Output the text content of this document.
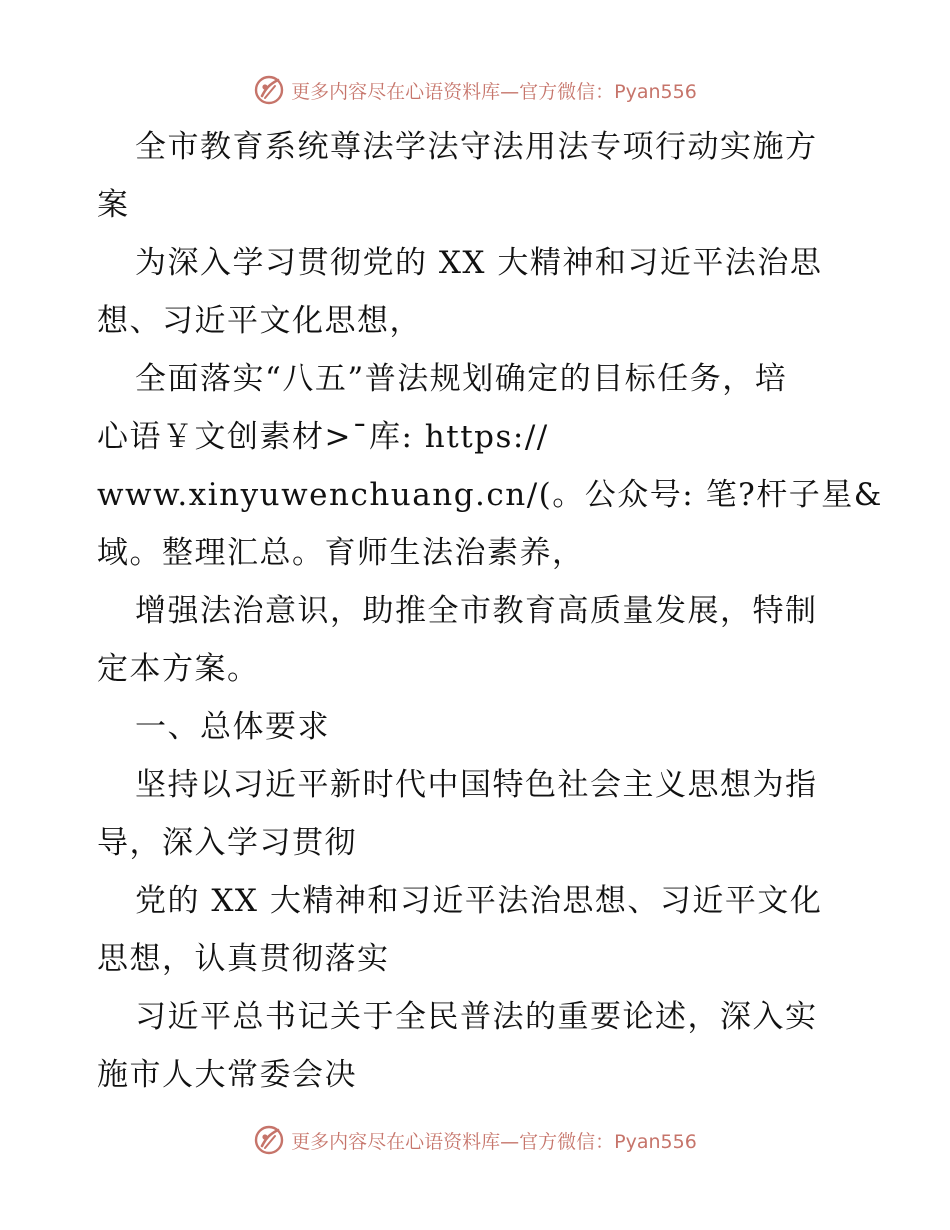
更多内容尽在心语资料库—官方微信：Pyan556
全市教育系统尊法学法守法用法专项行动实施方
案
为深入学习贯彻党的 XX 大精神和习近平法治思
想、习近平文化思想，
全面落实“八五”普法规划确定的目标任务，培
心语￥文创素材>¯库: https://
www.xinyuwenchuang.cn/(。公众号: 笔?杆子星&
域。整理汇总。育师生法治素养，
增强法治意识，助推全市教育高质量发展，特制
定本方案。
一、总体要求
坚持以习近平新时代中国特色社会主义思想为指
导，深入学习贯彻
党的 XX 大精神和习近平法治思想、习近平文化
思想，认真贯彻落实
习近平总书记关于全民普法的重要论述，深入实
施市人大常委会决
更多内容尽在心语资料库—官方微信：Pyan556
